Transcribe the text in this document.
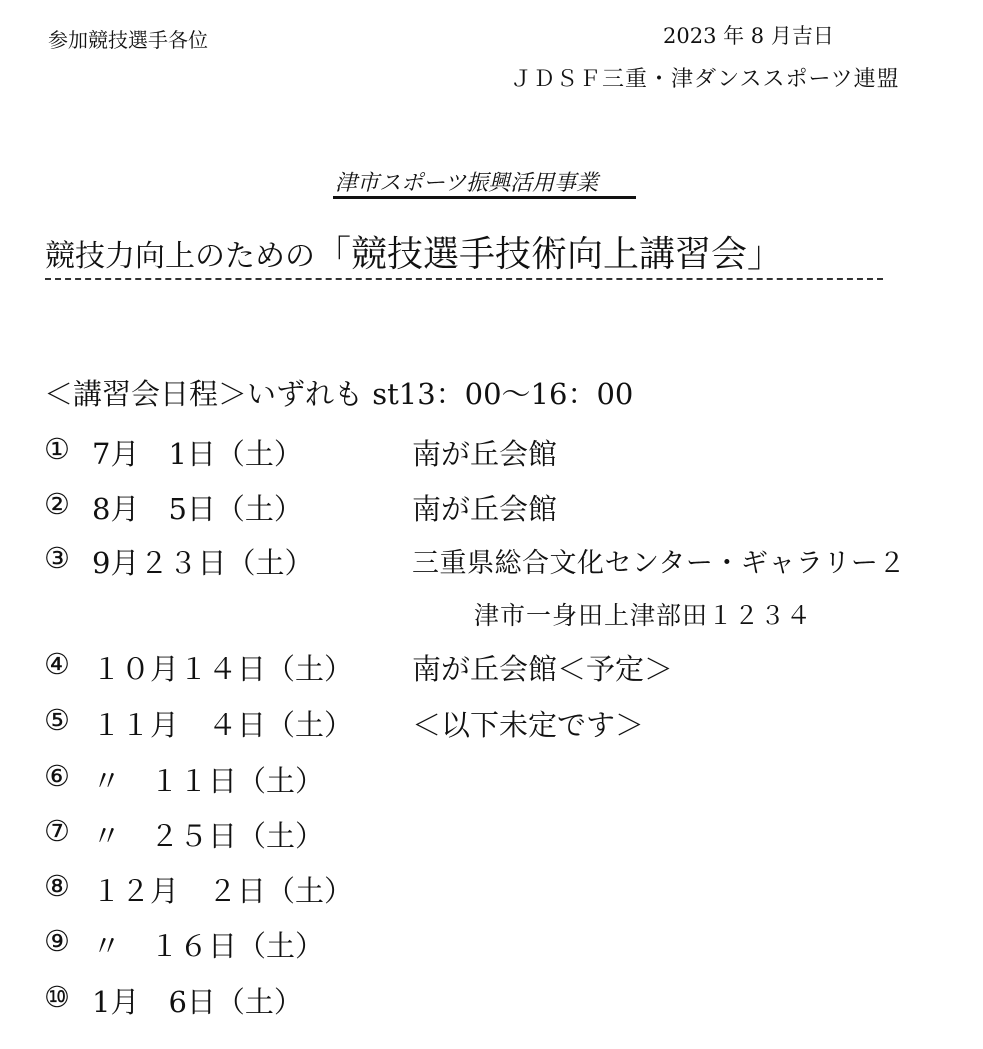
参加競技選手各位	2023 年 8 月吉日
ＪＤＳＦ三重・津ダンススポーツ連盟
津市スポーツ振興活用事業
競技力向上のための「競技選手技術向上講習会」
＜講習会日程＞いずれも st13：00〜16：00
① 7月　1日（土）	南が丘会館
② 8月　5日（土）	南が丘会館
③ 9月２３日（土）	三重県総合文化センター・ギャラリー２
津市一身田上津部田１２３４
④ １０月１４日（土） 南が丘会館＜予定＞
⑤ １１月　４日（土） ＜以下未定です＞
⑥ 〃　１１日（土）
⑦ 〃　２５日（土）
⑧ １２月　２日（土）
⑨ 〃　１６日（土）
⑩ 1月　6日（土）
